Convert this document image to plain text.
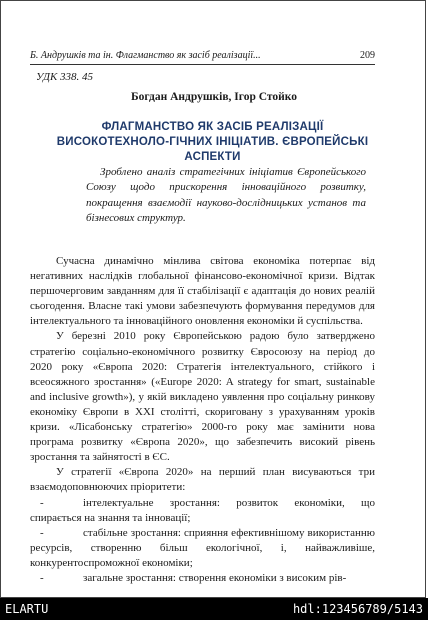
Б. Андрушків та ін. Флагманство як засіб реалізації...	209
УДК 338. 45
Богдан Андрушків, Ігор Стойко
ФЛАГМАНСТВО ЯК ЗАСІБ РЕАЛІЗАЦІЇ ВИСОКОТЕХНОЛО-ГІЧНИХ ІНІЦІАТИВ. ЄВРОПЕЙСЬКІ АСПЕКТИ

Зроблено аналіз стратегічних ініціатив Європейського Союзу щодо прискорення інноваційного розвитку, покращення взаємодії науково-дослідницьких установ та бізнесових структур.

Сучасна динамічно мінлива світова економіка потерпає від негативних наслідків глобальної фінансово-економічної кризи. Відтак першочерговим завданням для її стабілізації є адаптація до нових реалій сьогодення. Власне такі умови забезпечують формування передумов для інтелектуального та інноваційного оновлення економіки й суспільства.

У березні 2010 року Європейською радою було затверджено стратегію соціально-економічного розвитку Євросоюзу на період до 2020 року «Європа 2020: Стратегія інтелектуального, стійкого і всеосяжного зростання» («Europe 2020: A strategy for smart, sustainable and inclusive growth»), у якій викладено уявлення про соціальну ринкову економіку Європи в XXI столітті, скориговану з урахуванням уроків кризи. «Лісабонську стратегію» 2000-го року має замінити нова програма розвитку «Європа 2020», що забезпечить високий рівень зростання та зайнятості в ЄС.

У стратегії «Європа 2020» на перший план висуваються три взаємодоповнюючих пріоритети:

-	інтелектуальне зростання: розвиток економіки, що спирається на знання та інновації;

-	стабільне зростання: сприяння ефективнішому використанню ресурсів, створенню більш екологічної, і, найважливіше, конкурентоспроможної економіки;

-	загальне зростання: створення економіки з високим рів-

ELARTU	hdl:123456789/5143
